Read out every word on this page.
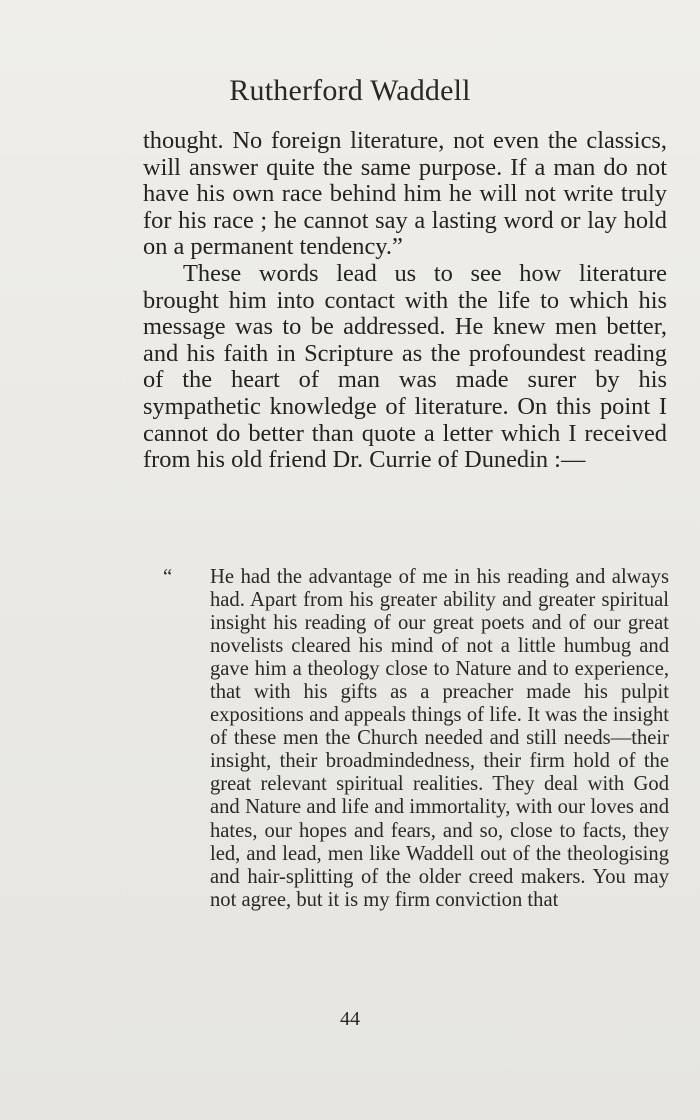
Rutherford Waddell

thought. No foreign literature, not even the classics, will answer quite the same purpose. If a man do not have his own race behind him he will not write truly for his race ; he cannot say a lasting word or lay hold on a permanent tendency.”

These words lead us to see how literature brought him into contact with the life to which his message was to be addressed. He knew men better, and his faith in Scripture as the profoundest reading of the heart of man was made surer by his sympathetic knowledge of literature. On this point I cannot do better than quote a letter which I received from his old friend Dr. Currie of Dunedin :—

“ He had the advantage of me in his reading and always had. Apart from his greater ability and greater spiritual insight his reading of our great poets and of our great novelists cleared his mind of not a little humbug and gave him a theology close to Nature and to experience, that with his gifts as a preacher made his pulpit expositions and appeals things of life. It was the insight of these men the Church needed and still needs—their insight, their broadmindedness, their firm hold of the great relevant spiritual realities. They deal with God and Nature and life and immortality, with our loves and hates, our hopes and fears, and so, close to facts, they led, and lead, men like Waddell out of the theologising and hair-splitting of the older creed makers. You may not agree, but it is my firm conviction that
44
